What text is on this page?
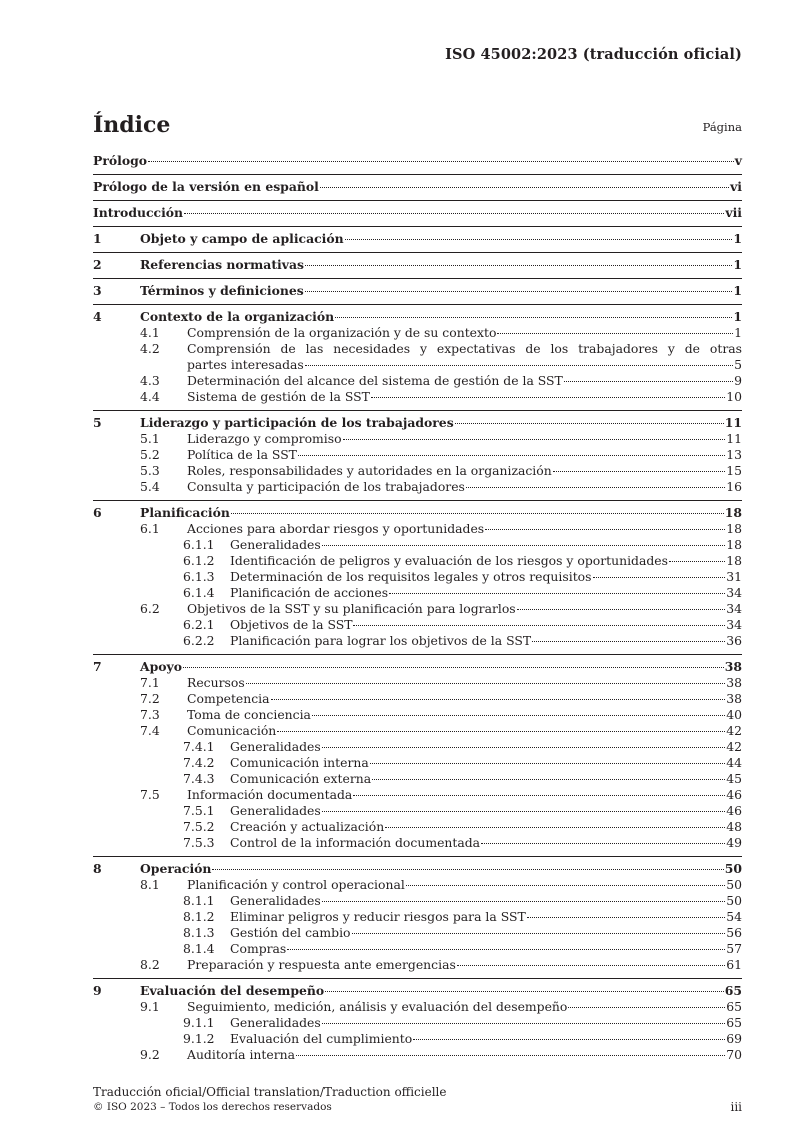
ISO 45002:2023 (traducción oficial)
Índice	Página
Prólogo	v
Prólogo de la versión en español	vi
Introducción	vii
1	Objeto y campo de aplicación	1
2	Referencias normativas	1
3	Términos y definiciones	1
4	Contexto de la organización	1
4.1	Comprensión de la organización y de su contexto	1
4.2	Comprensión de las necesidades y expectativas de los trabajadores y de otras
partes interesadas	5
4.3	Determinación del alcance del sistema de gestión de la SST	9
4.4	Sistema de gestión de la SST	10
5	Liderazgo y participación de los trabajadores	11
5.1	Liderazgo y compromiso	11
5.2	Política de la SST	13
5.3	Roles, responsabilidades y autoridades en la organización	15
5.4	Consulta y participación de los trabajadores	16
6	Planificación	18
6.1	Acciones para abordar riesgos y oportunidades	18
6.1.1	Generalidades	18
6.1.2	Identificación de peligros y evaluación de los riesgos y oportunidades	18
6.1.3	Determinación de los requisitos legales y otros requisitos	31
6.1.4	Planificación de acciones	34
6.2	Objetivos de la SST y su planificación para lograrlos	34
6.2.1	Objetivos de la SST	34
6.2.2	Planificación para lograr los objetivos de la SST	36
7	Apoyo	38
7.1	Recursos	38
7.2	Competencia	38
7.3	Toma de conciencia	40
7.4	Comunicación	42
7.4.1	Generalidades	42
7.4.2	Comunicación interna	44
7.4.3	Comunicación externa	45
7.5	Información documentada	46
7.5.1	Generalidades	46
7.5.2	Creación y actualización	48
7.5.3	Control de la información documentada	49
8	Operación	50
8.1	Planificación y control operacional	50
8.1.1	Generalidades	50
8.1.2	Eliminar peligros y reducir riesgos para la SST	54
8.1.3	Gestión del cambio	56
8.1.4	Compras	57
8.2	Preparación y respuesta ante emergencias	61
9	Evaluación del desempeño	65
9.1	Seguimiento, medición, análisis y evaluación del desempeño	65
9.1.1	Generalidades	65
9.1.2	Evaluación del cumplimiento	69
9.2	Auditoría interna	70
Traducción oficial/Official translation/Traduction officielle
© ISO 2023 – Todos los derechos reservados	iii
